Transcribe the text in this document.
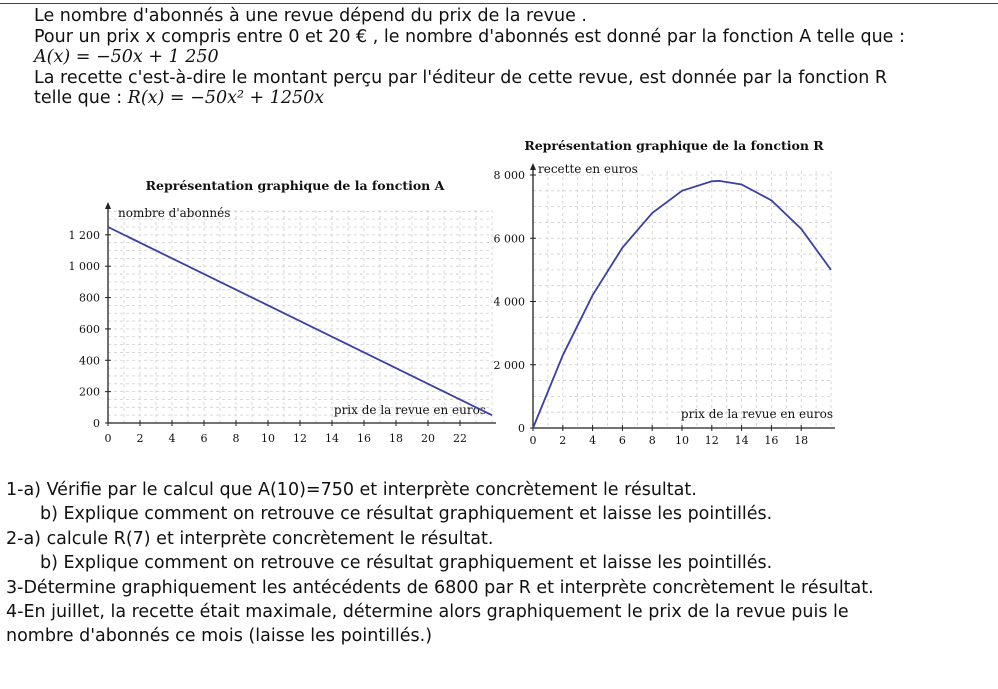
Le nombre d'abonnés à une revue dépend du prix de la revue .

Pour un prix x compris entre 0 et 20 € , le nombre d'abonnés est donné par la fonction A telle que :

A(x) = −50x + 1 250

La recette c'est-à-dire le montant perçu par l'éditeur de cette revue, est donnée par la fonction R

telle que : R(x) = −50x² + 1250x

Représentation graphique de la fonction A
0 2 4 6 8 10 12 14 16 18 20 22
0
200
400
600
800
1 000
1 200
nombre d'abonnés
prix de la revue en euros
Représentation graphique de la fonction R
0 2 4 6 8 10 12 14 16 18
0
2 000
4 000
6 000
8 000 recette en euros
prix de la revue en euros

1-a) Vérifie par le calcul que A(10)=750 et interprète concrètement le résultat.

b) Explique comment on retrouve ce résultat graphiquement et laisse les pointillés.

2-a) calcule R(7) et interprète concrètement le résultat.

b) Explique comment on retrouve ce résultat graphiquement et laisse les pointillés.

3-Détermine graphiquement les antécédents de 6800 par R et interprète concrètement le résultat.

4-En juillet, la recette était maximale, détermine alors graphiquement le prix de la revue puis le

nombre d'abonnés ce mois (laisse les pointillés.)
